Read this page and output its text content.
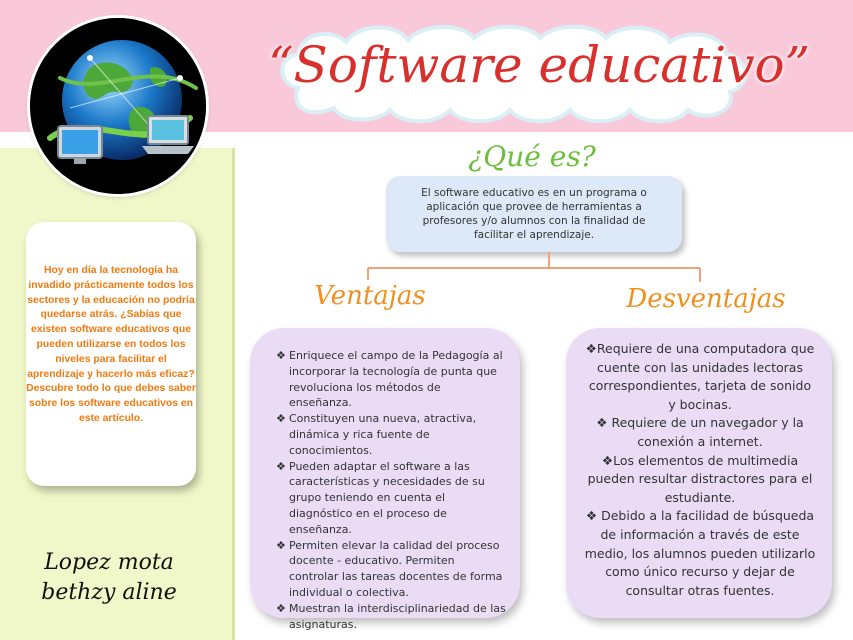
“Software educativo”
¿Qué es?
El software educativo es en un programa o aplicación que provee de herramientas a profesores y/o alumnos con la finalidad de facilitar el aprendizaje.
Ventajas	Desventajas
❖ Enriquece el campo de la Pedagogía al incorporar la tecnología de punta que revoluciona los métodos de enseñanza.
❖ Constituyen una nueva, atractiva, dinámica y rica fuente de conocimientos.
❖ Pueden adaptar el software a las características y necesidades de su grupo teniendo en cuenta el diagnóstico en el proceso de enseñanza.
❖ Permiten elevar la calidad del proceso docente - educativo. Permiten controlar las tareas docentes de forma individual o colectiva.
❖ Muestran la interdisciplinariedad de las asignaturas.
❖Requiere de una computadora que cuente con las unidades lectoras correspondientes, tarjeta de sonido y bocinas.
❖ Requiere de un navegador y la conexión a internet.
❖Los elementos de multimedia pueden resultar distractores para el estudiante.
❖ Debido a la facilidad de búsqueda de información a través de este medio, los alumnos pueden utilizarlo como único recurso y dejar de consultar otras fuentes.
Hoy en día la tecnología ha invadido prácticamente todos los sectores y la educación no podría quedarse atrás. ¿Sabías que existen software educativos que pueden utilizarse en todos los niveles para facilitar el aprendizaje y hacerlo más eficaz? Descubre todo lo que debes saber sobre los software educativos en este artículo.
Lopez mota
bethzy aline
